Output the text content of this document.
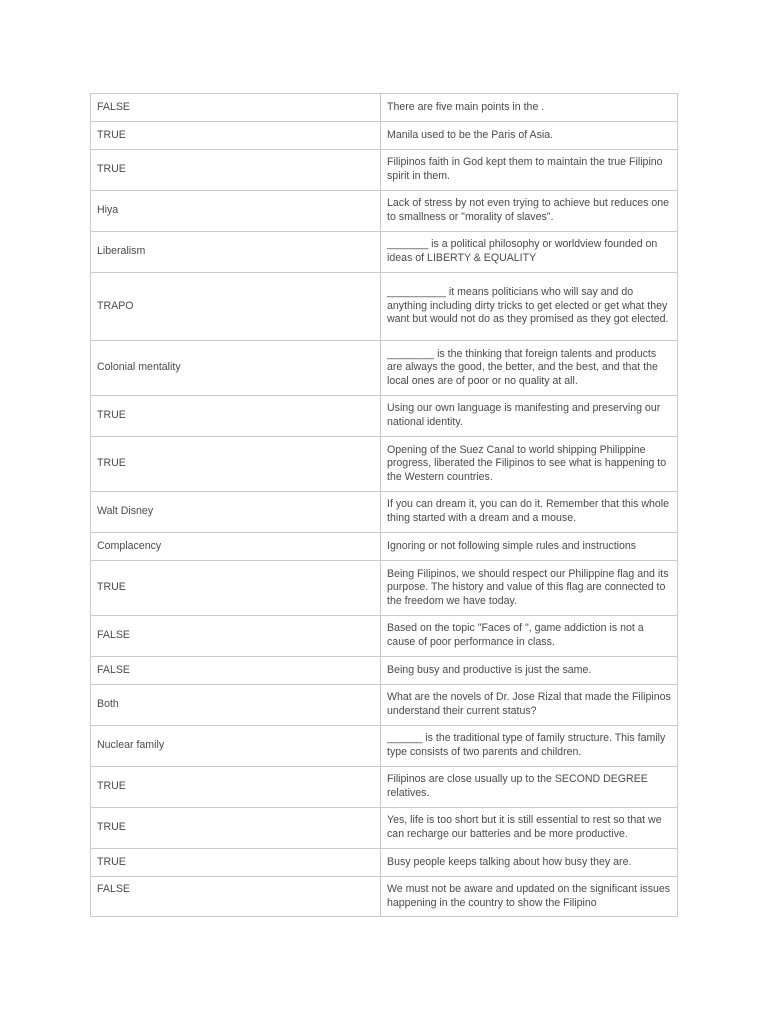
FALSE	There are five main points in the .
TRUE	Manila used to be the Paris of Asia.
TRUE	Filipinos faith in God kept them to maintain the true Filipino spirit in them.
Hiya	Lack of stress by not even trying to achieve but reduces one to smallness or "morality of slaves".
Liberalism	_______ is a political philosophy or worldview founded on ideas of LIBERTY & EQUALITY
TRAPO	__________ it means politicians who will say and do anything including dirty tricks to get elected or get what they want but would not do as they promised as they got elected.
Colonial mentality	________ is the thinking that foreign talents and products are always the good, the better, and the best, and that the local ones are of poor or no quality at all.
TRUE	Using our own language is manifesting and preserving our national identity.
TRUE	Opening of the Suez Canal to world shipping Philippine progress, liberated the Filipinos to see what is happening to the Western countries.
Walt Disney	If you can dream it, you can do it. Remember that this whole thing started with a dream and a mouse.
Complacency	Ignoring or not following simple rules and instructions
TRUE	Being Filipinos, we should respect our Philippine flag and its purpose. The history and value of this flag are connected to the freedom we have today.
FALSE	Based on the topic "Faces of ", game addiction is not a cause of poor performance in class.
FALSE	Being busy and productive is just the same.
Both	What are the novels of Dr. Jose Rizal that made the Filipinos understand their current status?
Nuclear family	______ is the traditional type of family structure. This family type consists of two parents and children.
TRUE	Filipinos are close usually up to the SECOND DEGREE relatives.
TRUE	Yes, life is too short but it is still essential to rest so that we can recharge our batteries and be more productive.
TRUE	Busy people keeps talking about how busy they are.
FALSE	We must not be aware and updated on the significant issues happening in the country to show the Filipino
